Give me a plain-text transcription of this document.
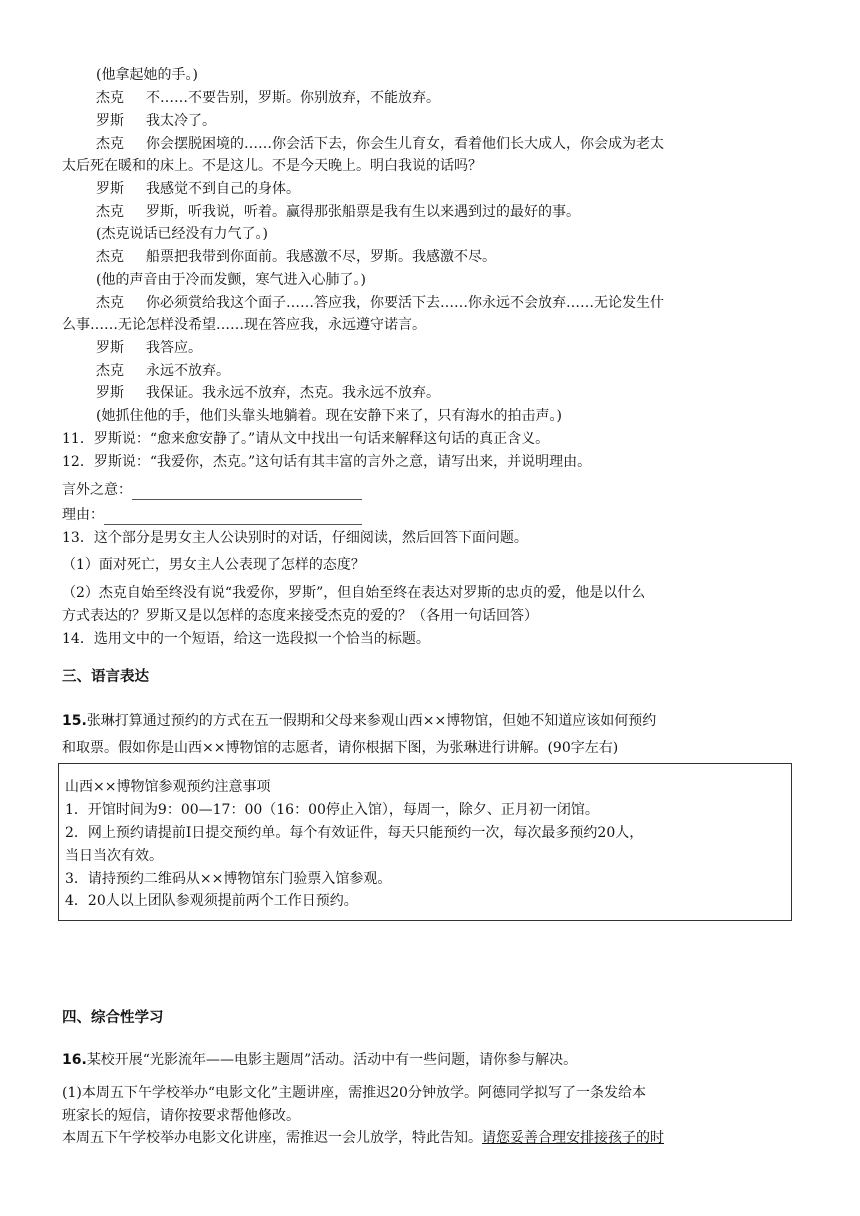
(他拿起她的手。)
杰克 不……不要告别，罗斯。你别放弃，不能放弃。
罗斯 我太冷了。
杰克 你会摆脱困境的……你会活下去，你会生儿育女，看着他们长大成人，你会成为老太
太后死在暖和的床上。不是这儿。不是今天晚上。明白我说的话吗？
罗斯 我感觉不到自己的身体。
杰克 罗斯，听我说，听着。赢得那张船票是我有生以来遇到过的最好的事。
(杰克说话已经没有力气了。)
杰克 船票把我带到你面前。我感激不尽，罗斯。我感激不尽。
(他的声音由于冷而发颤，寒气进入心肺了。)
杰克 你必须赏给我这个面子……答应我，你要活下去……你永远不会放弃……无论发生什
么事……无论怎样没希望……现在答应我，永远遵守诺言。
罗斯 我答应。
杰克 永远不放弃。
罗斯 我保证。我永远不放弃，杰克。我永远不放弃。
(她抓住他的手，他们头靠头地躺着。现在安静下来了，只有海水的拍击声。)
11．罗斯说：“愈来愈安静了。”请从文中找出一句话来解释这句话的真正含义。
12．罗斯说：“我爱你，杰克。”这句话有其丰富的言外之意，请写出来，并说明理由。
言外之意：
理由：
13．这个部分是男女主人公诀别时的对话，仔细阅读，然后回答下面问题。
（1）面对死亡，男女主人公表现了怎样的态度？
（2）杰克自始至终没有说“我爱你，罗斯”，但自始至终在表达对罗斯的忠贞的爱，他是以什么
方式表达的？罗斯又是以怎样的态度来接受杰克的爱的？（各用一句话回答）
14．选用文中的一个短语，给这一选段拟一个恰当的标题。
三、语言表达
15.张琳打算通过预约的方式在五一假期和父母来参观山西××博物馆，但她不知道应该如何预约
和取票。假如你是山西××博物馆的志愿者，请你根据下图，为张琳进行讲解。(90字左右)
山西××博物馆参观预约注意事项
1．开馆时间为9：00—17：00（16：00停止入馆），每周一，除夕、正月初一闭馆。
2．网上预约请提前Ⅰ日提交预约单。每个有效证件，每天只能预约一次，每次最多预约20人，
当日当次有效。
3．请持预约二维码从××博物馆东门验票入馆参观。
4．20人以上团队参观须提前两个工作日预约。
四、综合性学习
16.某校开展“光影流年——电影主题周”活动。活动中有一些问题，请你参与解决。
(1)本周五下午学校举办“电影文化”主题讲座，需推迟20分钟放学。阿德同学拟写了一条发给本
班家长的短信，请你按要求帮他修改。
本周五下午学校举办电影文化讲座，需推迟一会儿放学，特此告知。请您妥善合理安排接孩子的时
